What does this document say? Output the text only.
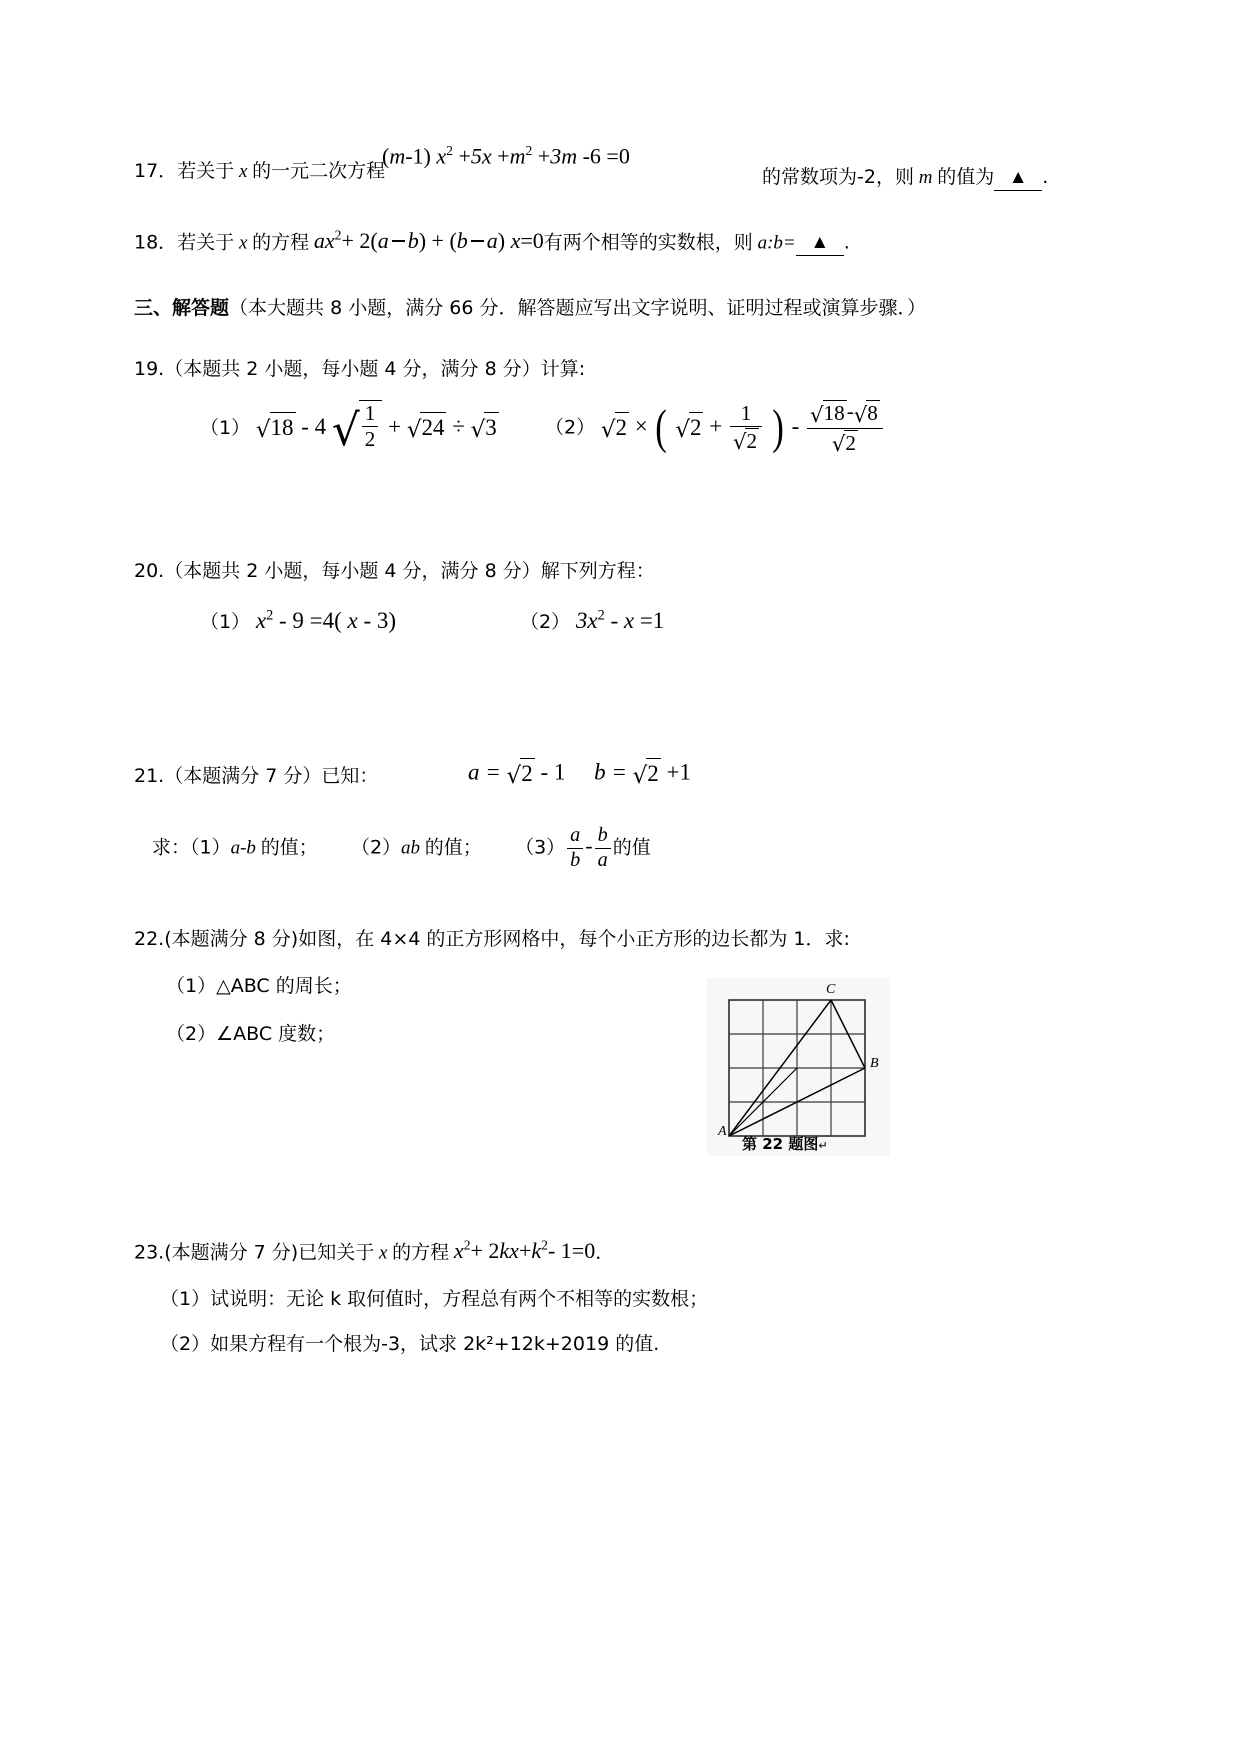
17．若关于 x 的一元二次方程
(m-1) $x^2 +5x +m^2 +3m$ -6 =0
的常数项为-2，则 m 的值为 ▲ .
18．若关于 x 的方程 $ax^2+ 2(a$ b) + (b a) x=0有两个相等的实数根，则 a:b= ▲ .
三、解答题（本大题共 8 小题，满分 66 分．解答题应写出文字说明、证明过程或演算步骤．）
19.（本题共 2 小题，每小题 4 分，满分 8 分）计算:
（1） √18 - 4 √ $\frac{1}{2} + √24 \div √3$	（2） √2 × ( $√2 + \frac{1}{√2}$ ) - $\frac{√18-√8}{√2}$
20.（本题共 2 小题，每小题 4 分，满分 8 分）解下列方程：
（1） $x^2 - 9 =4$( x - 3)	（2） $3x^2 - x =1$
21.（本题满分 7 分）已知：	a = √2 - 1 b = √2 +1
求：（1）a-b 的值； （2）ab 的值； $(3) \frac{a}{b} - \frac{b}{a}$ 的值
22.(本题满分 8 分)如图，在 4×4 的正方形网格中，每个小正方形的边长都为 1．求:
（1）△ABC 的周长；
（2）∠ABC 度数；
A
B
C
第 22 题图↵
23.(本题满分 7 分)已知关于 x 的方程 $x^2+ 2kx+k^2-$ 1=0．
（1）试说明：无论 k 取何值时，方程总有两个不相等的实数根；
（2）如果方程有一个根为-3，试求 2k²+12k+2019 的值.
